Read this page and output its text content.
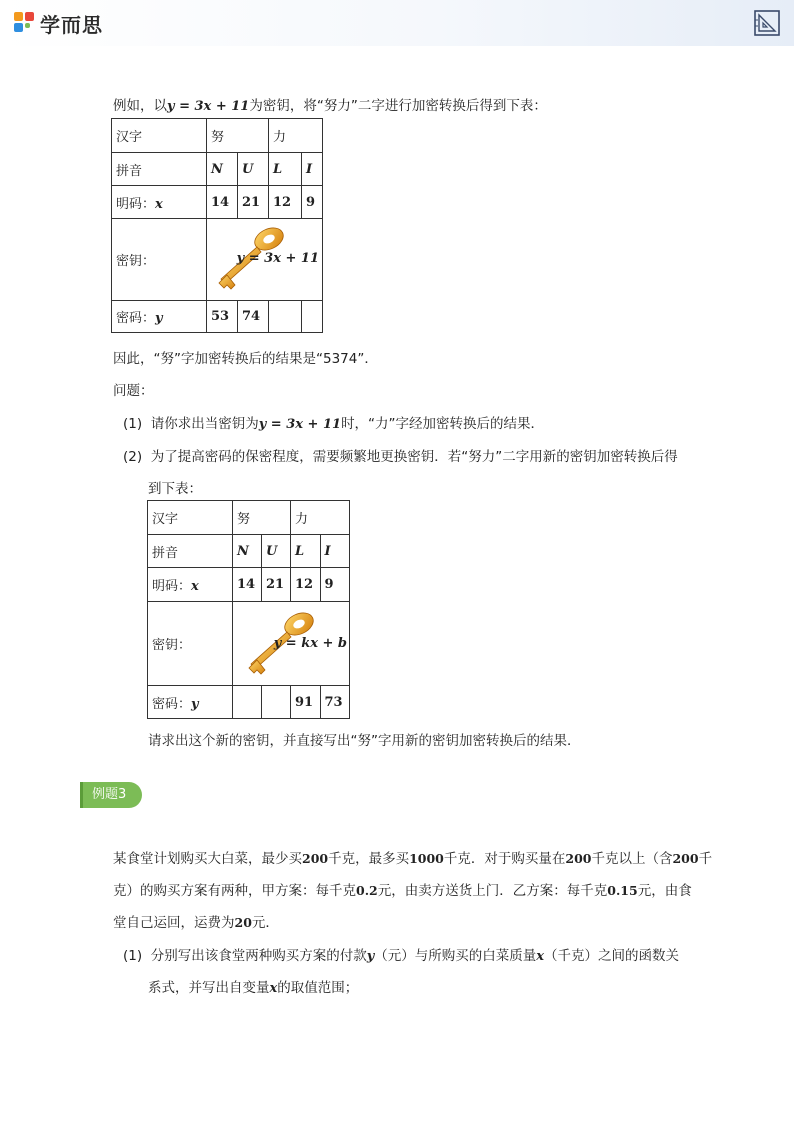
学而思
例如，以y = 3x + 11为密钥，将“努力”二字进行加密转换后得到下表：
汉字	努		力	
拼音	N	U	L	I
明码：x	14	21	12	9
密钥：	y = 3x + 11			

密码：y	53	74		
因此，“努”字加密转换后的结果是“5374”．
问题：
(1) 请你求出当密钥为y = 3x + 11时，“力”字经加密转换后的结果．
(2) 为了提高密码的保密程度，需要频繁地更换密钥．若“努力”二字用新的密钥加密转换后得
到下表：
汉字	努		力	
拼音	N	U	L	I
明码：x	14	21	12	9
密钥：	y = kx + b			

密码：y			91	73
请求出这个新的密钥，并直接写出“努”字用新的密钥加密转换后的结果．
例题3
某食堂计划购买大白菜，最少买200千克，最多买1000千克．对于购买量在200千克以上（含200千
克）的购买方案有两种，甲方案：每千克0.2元，由卖方送货上门．乙方案：每千克0.15元，由食
堂自己运回，运费为20元．
(1) 分别写出该食堂两种购买方案的付款y（元）与所购买的白菜质量x（千克）之间的函数关
系式，并写出自变量x的取值范围；
